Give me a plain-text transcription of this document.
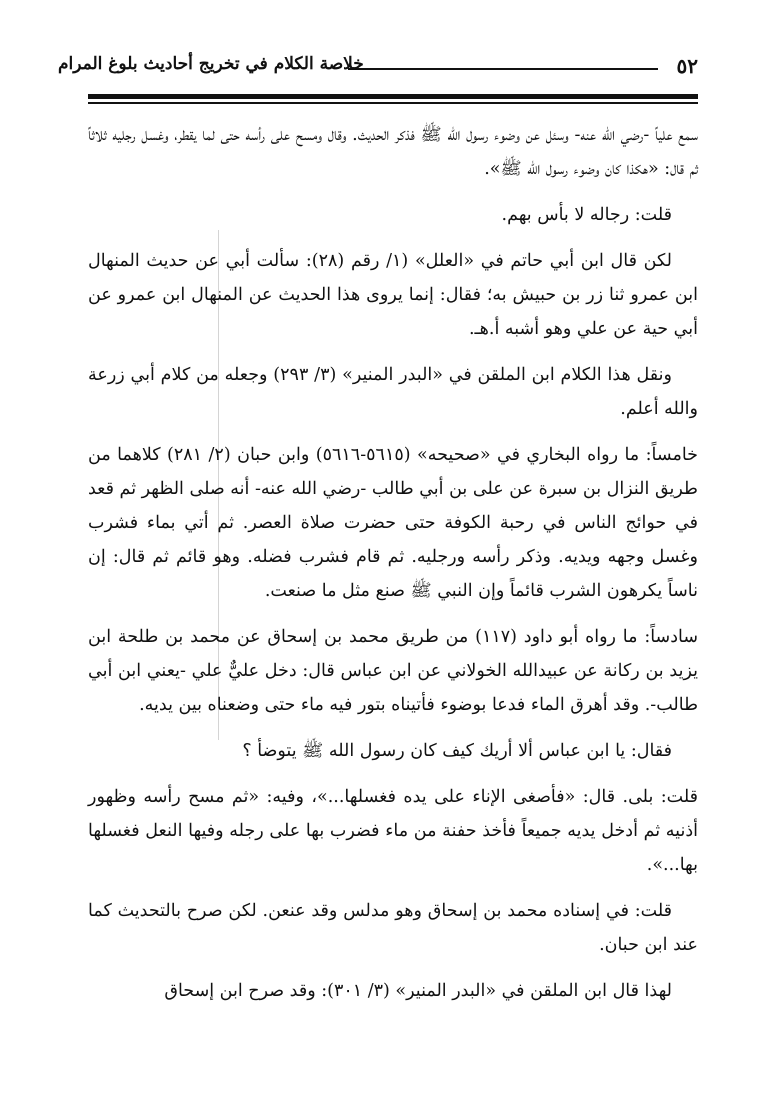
٥٢
خلاصة الكلام في تخريج أحاديث بلوغ المرام

سمع علياً -رضي الله عنه- وسئل عن وضوء رسول الله ﷺ فذكر الحديث. وقال ومسح على رأسه حتى لما يقطر، وغسل رجليه ثلاثاً ثم قال: «هكذا كان وضوء رسول الله ﷺ».

قلت: رجاله لا بأس بهم.

لكن قال ابن أبي حاتم في «العلل» (١/ رقم (٢٨): سألت أبي عن حديث المنهال ابن عمرو ثنا زر بن حبيش به؛ فقال: إنما يروى هذا الحديث عن المنهال ابن عمرو عن أبي حية عن علي وهو أشبه أ.هـ.

ونقل هذا الكلام ابن الملقن في «البدر المنير» (٣/ ٢٩٣) وجعله من كلام أبي زرعة والله أعلم.

خامساً: ما رواه البخاري في «صحيحه» (٥٦١٥-٥٦١٦) وابن حبان (٢/ ٢٨١) كلاهما من طريق النزال بن سبرة عن على بن أبي طالب -رضي الله عنه- أنه صلى الظهر ثم قعد في حوائج الناس في رحبة الكوفة حتى حضرت صلاة العصر. ثم أتي بماء فشرب وغسل وجهه ويديه. وذكر رأسه ورجليه. ثم قام فشرب فضله. وهو قائم ثم قال: إن ناساً يكرهون الشرب قائماً وإن النبي ﷺ صنع مثل ما صنعت.

سادساً: ما رواه أبو داود (١١٧) من طريق محمد بن إسحاق عن محمد بن طلحة ابن يزيد بن ركانة عن عبيدالله الخولاني عن ابن عباس قال: دخل عليٌّ علي -يعني ابن أبي طالب-. وقد أهرق الماء فدعا بوضوء فأتيناه بتور فيه ماء حتى وضعناه بين يديه.

فقال: يا ابن عباس ألا أريك كيف كان رسول الله ﷺ يتوضأ ؟

قلت: بلى. قال: «فأصغى الإناء على يده فغسلها...»، وفيه: «ثم مسح رأسه وظهور أذنيه ثم أدخل يديه جميعاً فأخذ حفنة من ماء فضرب بها على رجله وفيها النعل فغسلها بها...».

قلت: في إسناده محمد بن إسحاق وهو مدلس وقد عنعن. لكن صرح بالتحديث كما عند ابن حبان.

لهذا قال ابن الملقن في «البدر المنير» (٣/ ٣٠١): وقد صرح ابن إسحاق
